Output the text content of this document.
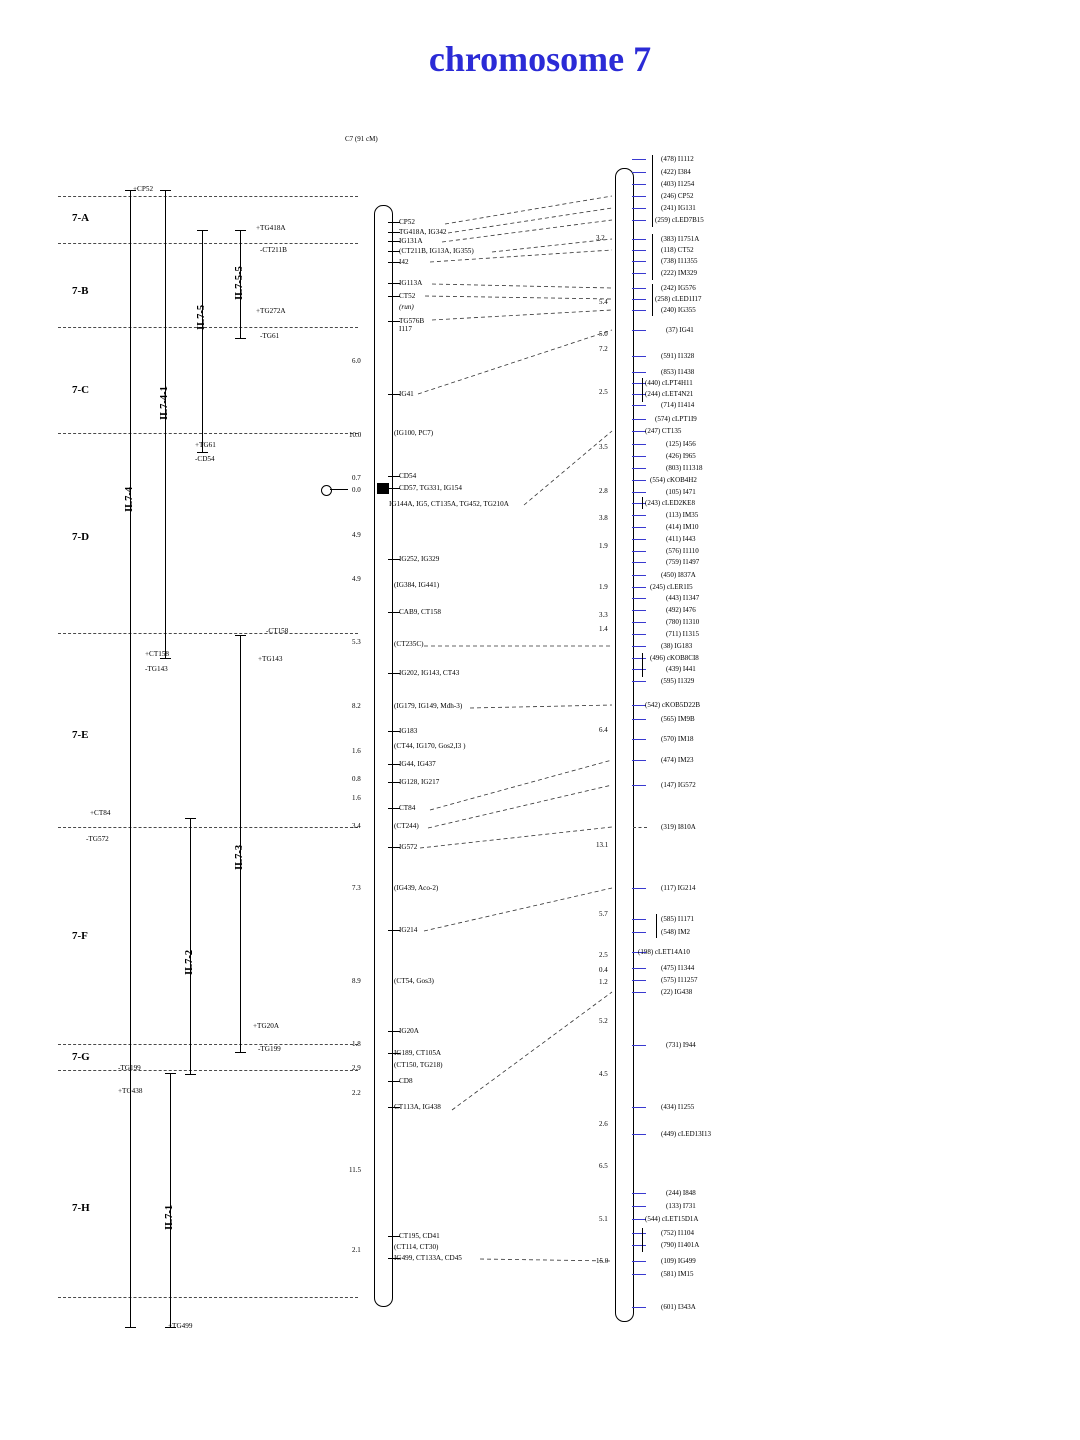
chromosome 7
C7 (91 cM)
7-A
7-B
7-C
7-D
7-E
7-F
7-G
7-H
IL7-4
IL7-4-1
IL7-5
IL7-5-5
IL7-3
IL7-2
IL7-1
+CP52
+TG418A
-CT211B
+TG272A
-TG61
+TG61
-CD54
-CT158
+CT158
-TG143
+TG143
+CT84
-TG572
+TG20A
-TG199
-TG199
+TG438
+TG499
CP52
TG418A, IG342
IG131A
(CT211B, IG13A, IG355)
I42
IG113A
CT52
(run)
TG576B
I117
IG41
(IG100, PC7)
CD54
CD57, TG331, IG154
IG144A, IG5, CT135A, TG452, TG210A
IG252, IG329
(IG384, IG441)
CAB9, CT158
(CT235C)
IG202, IG143, CT43
(IG179, IG149, Mdh-3)
IG183
(CT44, IG170, Gos2,I3 )
IG44, IG437
IG128, IG217
CT84
(CT244)
IG572
(IG439, Aco-2)
IG214
(CT54, Gos3)
IG20A
IG189, CT105A
(CT150, TG218)
CD8
CT113A, IG438
CT195, CD41
(CT114, CT30)
IG499, CT133A, CD45
6.0
10.0
0.7
0.0
4.9
4.9
5.3
8.2
1.6
0.8
1.6
3.4
7.3
8.9
1.8
2.9
2.2
11.5
2.1
3.2
5.4
5.0
7.2
2.5
3.5
2.8
3.8
1.9
1.9
3.3
1.4
6.4
13.1
5.7
2.5
0.4
1.2
5.2
4.5
2.6
6.5
5.1
15.0
(478) I1112
(422) I384
(403) I1254
(246) CP52
(241) IG131
(259) cLED7B15
(383) I1751A
(118) CT52
(738) I11355
(222) IM329
(242) IG576
(258) cLED1I17
(240) IG355
(37) IG41
(591) I1328
(853) I1438
(440) cLPT4H11
(244) cLET4N21
(714) I1414
(574) cLPT1I9
(247) CT135
(125) I456
(426) I965
(803) I11318
(554) cKOB4H2
(105) I471
(243) cLED2KE8
(113) IM35
(414) IM10
(411) I443
(576) I1110
(759) I1497
(450) I837A
(245) cLER1I5
(443) I1347
(492) I476
(780) I1310
(711) I1315
(38) IG183
(496) cKOB8CI8
(439) I441
(595) I1329
(542) cKOB5D22B
(565) IM9B
(570) IM18
(474) IM23
(147) IG572
(319) I810A
(117) IG214
(585) I1171
(548) IM2
(198) cLET14A10
(475) I1344
(575) I11257
(22) IG438
(731) I944
(434) I1255
(449) cLED13I13
(244) I848
(133) I731
(544) cLET15D1A
(752) I1104
(790) I1401A
(109) IG499
(581) IM15
(601) I343A
